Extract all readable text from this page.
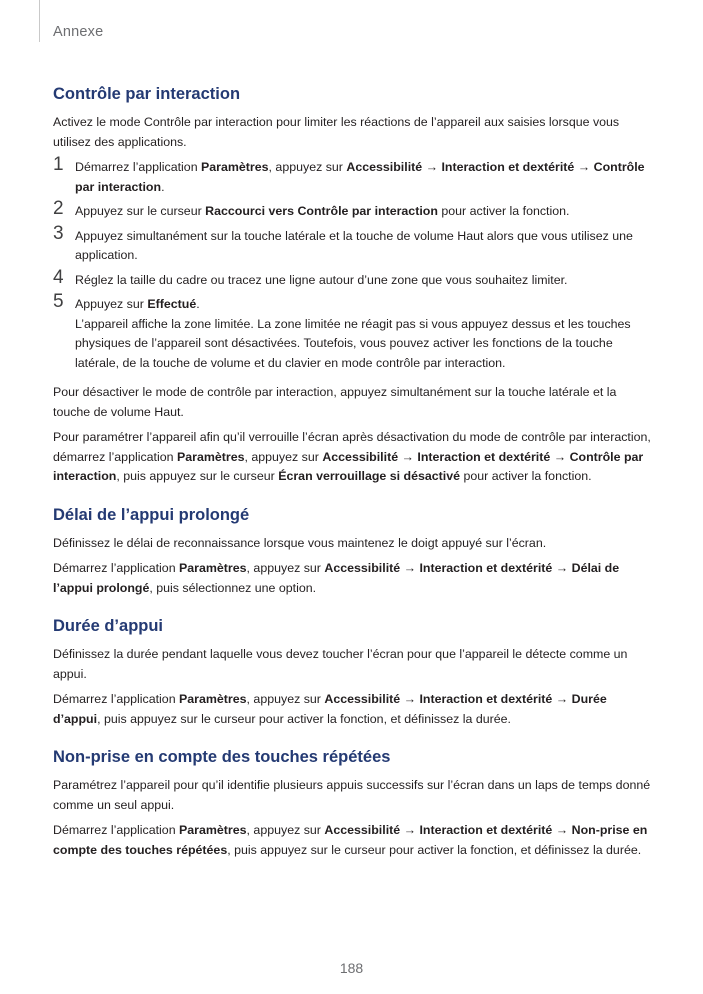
Annexe
Contrôle par interaction

Activez le mode Contrôle par interaction pour limiter les réactions de l’appareil aux saisies lorsque vous utilisez des applications.

1 Démarrez l’application Paramètres, appuyez sur Accessibilité → Interaction et dextérité → Contrôle par interaction.
2 Appuyez sur le curseur Raccourci vers Contrôle par interaction pour activer la fonction.
3 Appuyez simultanément sur la touche latérale et la touche de volume Haut alors que vous utilisez une application.
4 Réglez la taille du cadre ou tracez une ligne autour d’une zone que vous souhaitez limiter.
5 Appuyez sur Effectué.
L’appareil affiche la zone limitée. La zone limitée ne réagit pas si vous appuyez dessus et les touches physiques de l’appareil sont désactivées. Toutefois, vous pouvez activer les fonctions de la touche latérale, de la touche de volume et du clavier en mode contrôle par interaction.

Pour désactiver le mode de contrôle par interaction, appuyez simultanément sur la touche latérale et la touche de volume Haut.

Pour paramétrer l’appareil afin qu’il verrouille l’écran après désactivation du mode de contrôle par interaction, démarrez l’application Paramètres, appuyez sur Accessibilité → Interaction et dextérité → Contrôle par interaction, puis appuyez sur le curseur Écran verrouillage si désactivé pour activer la fonction.

Délai de l’appui prolongé

Définissez le délai de reconnaissance lorsque vous maintenez le doigt appuyé sur l’écran.

Démarrez l’application Paramètres, appuyez sur Accessibilité → Interaction et dextérité → Délai de l’appui prolongé, puis sélectionnez une option.

Durée d’appui

Définissez la durée pendant laquelle vous devez toucher l’écran pour que l’appareil le détecte comme un appui.

Démarrez l’application Paramètres, appuyez sur Accessibilité → Interaction et dextérité → Durée d’appui, puis appuyez sur le curseur pour activer la fonction, et définissez la durée.

Non-prise en compte des touches répétées

Paramétrez l’appareil pour qu’il identifie plusieurs appuis successifs sur l’écran dans un laps de temps donné comme un seul appui.

Démarrez l’application Paramètres, appuyez sur Accessibilité → Interaction et dextérité → Non-prise en compte des touches répétées, puis appuyez sur le curseur pour activer la fonction, et définissez la durée.

188
